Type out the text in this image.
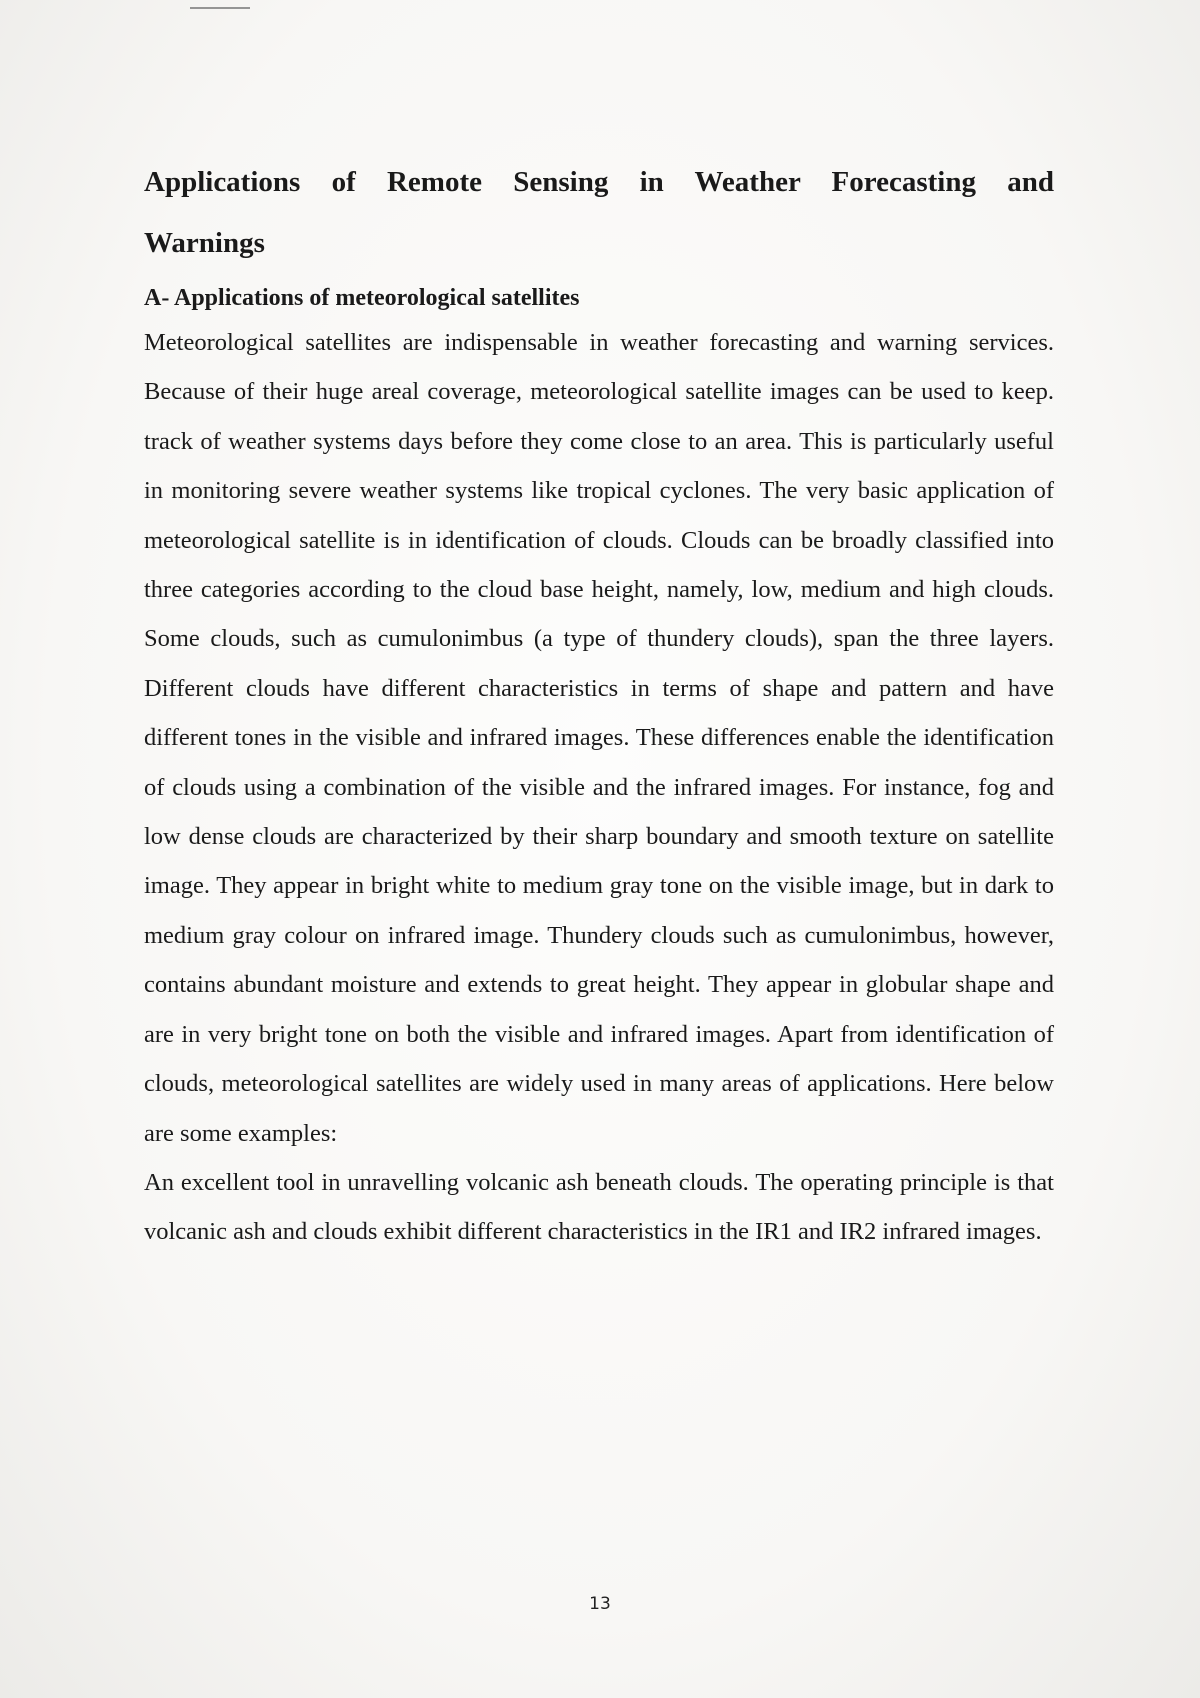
Applications of Remote Sensing in Weather Forecasting and Warnings
A- Applications of meteorological satellites

Meteorological satellites are indispensable in weather forecasting and warning services. Because of their huge areal coverage, meteorological satellite images can be used to keep. track of weather systems days before they come close to an area. This is particularly useful in monitoring severe weather systems like tropical cyclones. The very basic application of meteorological satellite is in identification of clouds. Clouds can be broadly classified into three categories according to the cloud base height, namely, low, medium and high clouds. Some clouds, such as cumulonimbus (a type of thundery clouds), span the three layers. Different clouds have different characteristics in terms of shape and pattern and have different tones in the visible and infrared images. These differences enable the identification of clouds using a combination of the visible and the infrared images. For instance, fog and low dense clouds are characterized by their sharp boundary and smooth texture on satellite image. They appear in bright white to medium gray tone on the visible image, but in dark to medium gray colour on infrared image. Thundery clouds such as cumulonimbus, however, contains abundant moisture and extends to great height. They appear in globular shape and are in very bright tone on both the visible and infrared images. Apart from identification of clouds, meteorological satellites are widely used in many areas of applications. Here below are some examples:

An excellent tool in unravelling volcanic ash beneath clouds. The operating principle is that volcanic ash and clouds exhibit different characteristics in the IR1 and IR2 infrared images.

13
